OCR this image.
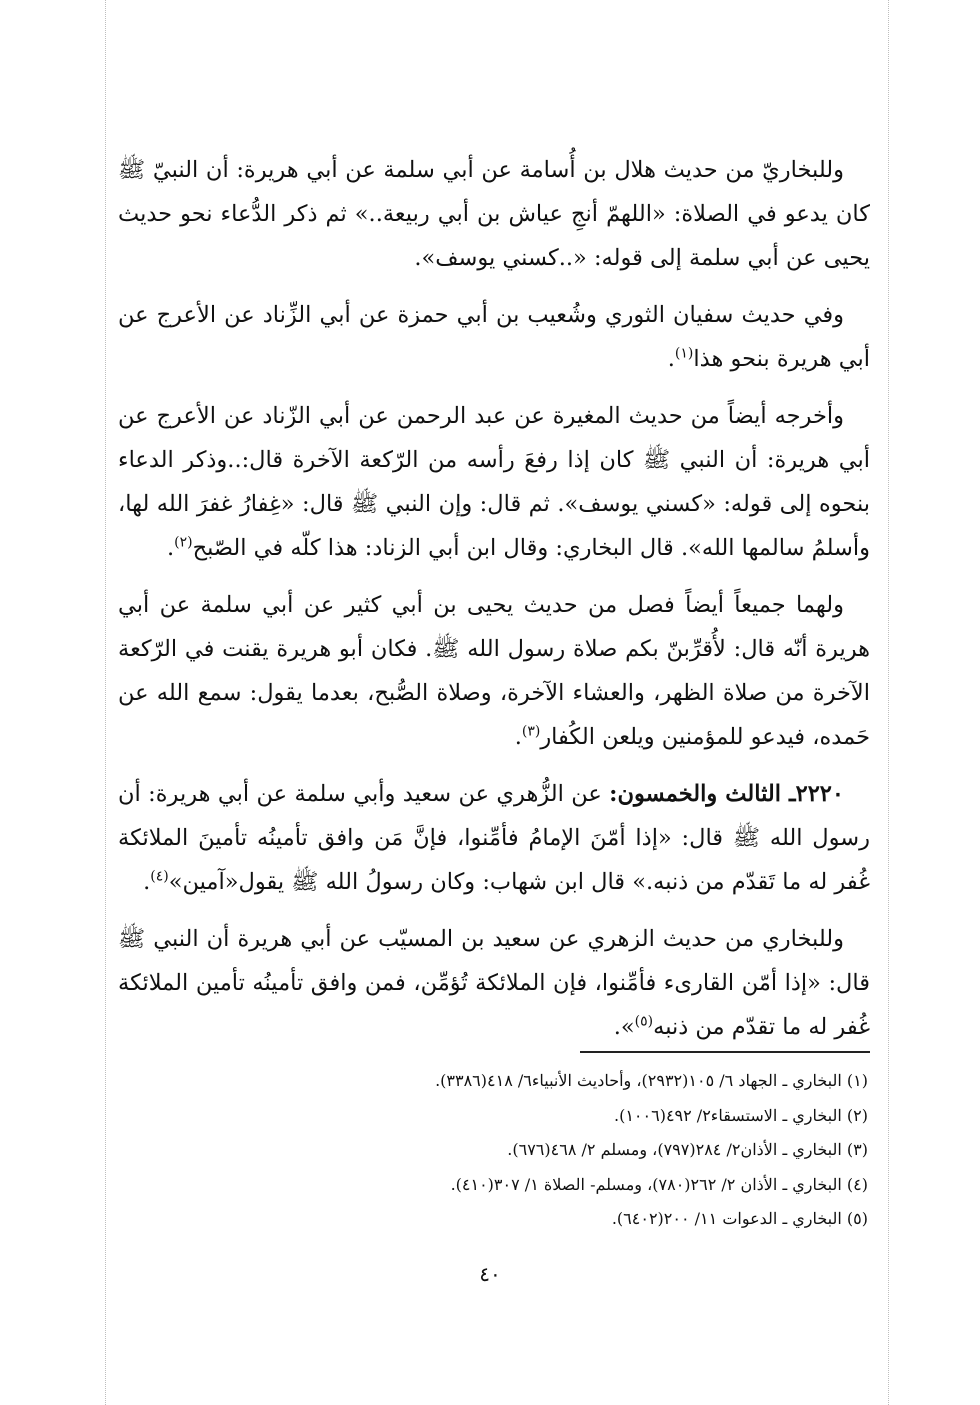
وللبخاريّ من حديث هلال بن أُسامة عن أبي سلمة عن أبي هريرة: أن النبيّ ﷺ كان يدعو في الصلاة: «اللهمّ أنجِ عياش بن أبي ربيعة..» ثم ذكر الدُّعاء نحو حديث يحيى عن أبي سلمة إلى قوله: «..كسني يوسف».

وفي حديث سفيان الثوري وشُعيب بن أبي حمزة عن أبي الزِّناد عن الأعرج عن أبي هريرة بنحو هذا$^{(١)}$.

وأخرجه أيضاً من حديث المغيرة عن عبد الرحمن عن أبي الزّناد عن الأعرج عن أبي هريرة: أن النبي ﷺ كان إذا رفعَ رأسه من الرّكعة الآخرة قال:..وذكر الدعاء بنحوه إلى قوله: «كسني يوسف». ثم قال: وإن النبي ﷺ قال: «غِفارُ غفرَ الله لها، وأسلمُ سالمها الله». قال البخاري: وقال ابن أبي الزناد: هذا كلّه في الصّبح$^{(٢)}$.

ولهما جميعاً أيضاً فصل من حديث يحيى بن أبي كثير عن أبي سلمة عن أبي هريرة أنّه قال: لأُقرِّبنّ بكم صلاة رسول الله ﷺ. فكان أبو هريرة يقنت في الرّكعة الآخرة من صلاة الظهر، والعشاء الآخرة، وصلاة الصُّبح، بعدما يقول: سمع الله عن حَمده، فيدعو للمؤمنين ويلعن الكُفار$^{(٣)}$.

٢٢٢٠ـ الثالث والخمسون: عن الزُّهري عن سعيد وأبي سلمة عن أبي هريرة: أن رسول الله ﷺ قال: «إذا أمّنَ الإمامُ فأمِّنوا، فإنَّ مَن وافق تأمينُه تأمينَ الملائكة غُفر له ما تَقدّم من ذنبه.» قال ابن شهاب: وكان رسولُ الله ﷺ يقول«آمين»$^{(٤)}$.

وللبخاري من حديث الزهري عن سعيد بن المسيّب عن أبي هريرة أن النبي ﷺ قال: «إذا أمّن القارىء فأمِّنوا، فإن الملائكة تُؤمِّن، فمن وافق تأمينُه تأمين الملائكة غُفر له ما تقدّم من ذنبه$^{(٥)}$».

(١) البخاري ـ الجهاد ٦/ ١٠٥(٢٩٣٢)، وأحاديث الأنبياء٦/ ٤١٨(٣٣٨٦).

(٢) البخاري ـ الاستسقاء٢/ ٤٩٢(١٠٠٦).

(٣) البخاري ـ الأذان٢/ ٢٨٤(٧٩٧)، ومسلم ٢/ ٤٦٨(٦٧٦).

(٤) البخاري ـ الأذان ٢/ ٢٦٢(٧٨٠)، ومسلم- الصلاة ١/ ٣٠٧(٤١٠).

(٥) البخاري ـ الدعوات ١١/ ٢٠٠(٦٤٠٢).

٤٠
